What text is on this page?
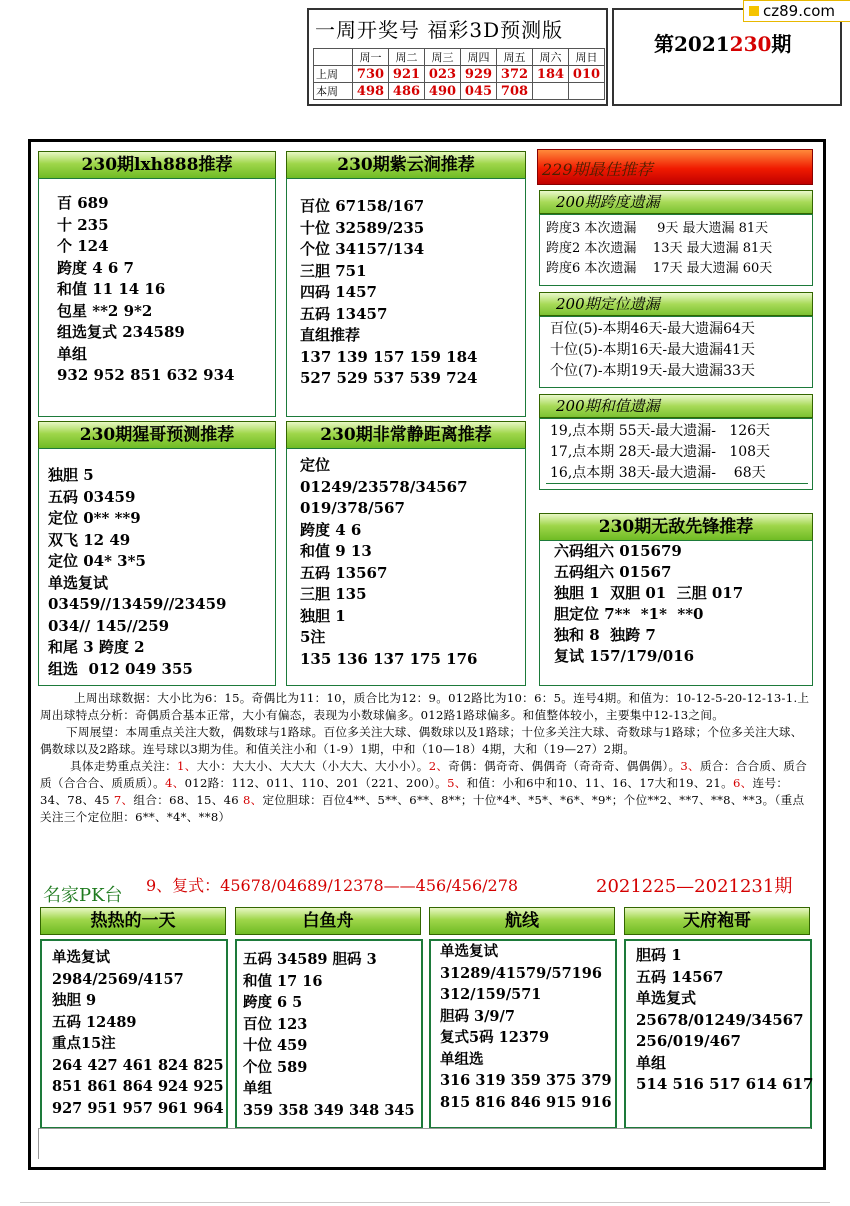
一周开奖号 福彩3D预测版
	周一	周二	周三	周四	周五	周六	周日
上周	730	921	023	929	372	184	010
本周	498	486	490	045	708		
第2021230期
cz89.com
230期lxh888推荐
百 689
十 235
个 124
跨度 4 6 7
和值 11 14 16
包星 **2 9*2
组选复式 234589
单组
932 952 851 632 934
230期紫云涧推荐
百位 67158/167
十位 32589/235
个位 34157/134
三胆 751
四码 1457
五码 13457
直组推荐
137 139 157 159 184
527 529 537 539 724
230期猩哥预测推荐
独胆 5
五码 03459
定位 0** **9
双飞 12 49
定位 04* 3*5
单选复试
03459//13459//23459
034// 145//259
和尾 3 跨度 2
组选  012 049 355
230期非常静距离推荐
定位
01249/23578/34567
019/378/567
跨度 4 6
和值 9 13
五码 13567
三胆 135
独胆 1
5注
135 136 137 175 176
229期最佳推荐
200期跨度遗漏
跨度3 本次遗漏     9天 最大遗漏 81天
跨度2 本次遗漏    13天 最大遗漏 81天
跨度6 本次遗漏    17天 最大遗漏 60天
200期定位遗漏
百位(5)-本期46天-最大遗漏64天
十位(5)-本期16天-最大遗漏41天
个位(7)-本期19天-最大遗漏33天
200期和值遗漏
19,点本期 55天-最大遗漏-   126天
17,点本期 28天-最大遗漏-   108天
16,点本期 38天-最大遗漏-    68天
230期无敌先锋推荐
六码组六 015679
五码组六 01567
独胆 1  双胆 01  三胆 017
胆定位 7**  *1*  **0
独和 8  独跨 7
复试 157/179/016

上周出球数据：大小比为6：15。奇偶比为11：10，质合比为12：9。012路比为10：6：5。连号4期。和值为：10-12-5-20-12-13-1.上周出球特点分析：奇偶质合基本正常，大小有偏态，表现为小数球偏多。012路1路球偏多。和值整体较小，主要集中12-13之间。

下周展望：本周重点关注大数，偶数球与1路球。百位多关注大球、偶数球以及1路球；十位多关注大球、奇数球与1路球；个位多关注大球、偶数球以及2路球。连号球以3期为佳。和值关注小和（1-9）1期，中和（10—18）4期，大和（19—27）2期。

具体走势重点关注：1、大小：大大小、大大大（小大大、大小小）。2、奇偶：偶奇奇、偶偶奇（奇奇奇、偶偶偶）。3、质合：合合质、质合质（合合合、质质质）。4、012路：112、011、110、201（221、200）。5、和值：小和6中和10、11、16、17大和19、21。6、连号：34、78、45 7、组合：68、15、46 8、定位胆球：百位4**、5**、6**、8**；十位*4*、*5*、*6*、*9*；个位**2、**7、**8、**3。（重点关注三个定位胆：6**、*4*、**8）

名家PK台 9、复式：45678/04689/12378——456/456/278	2021225—2021231期
热热的一天
单选复试
2984/2569/4157
独胆 9
五码 12489
重点15注
264 427 461 824 825
851 861 864 924 925
927 951 957 961 964
白鱼舟
五码 34589 胆码 3
和值 17 16
跨度 6 5
百位 123
十位 459
个位 589
单组
359 358 349 348 345
航线
单选复试
31289/41579/57196
312/159/571
胆码 3/9/7
复式5码 12379
单组选
316 319 359 375 379
815 816 846 915 916
天府袍哥
胆码 1
五码 14567
单选复式
25678/01249/34567
256/019/467
单组
514 516 517 614 617
